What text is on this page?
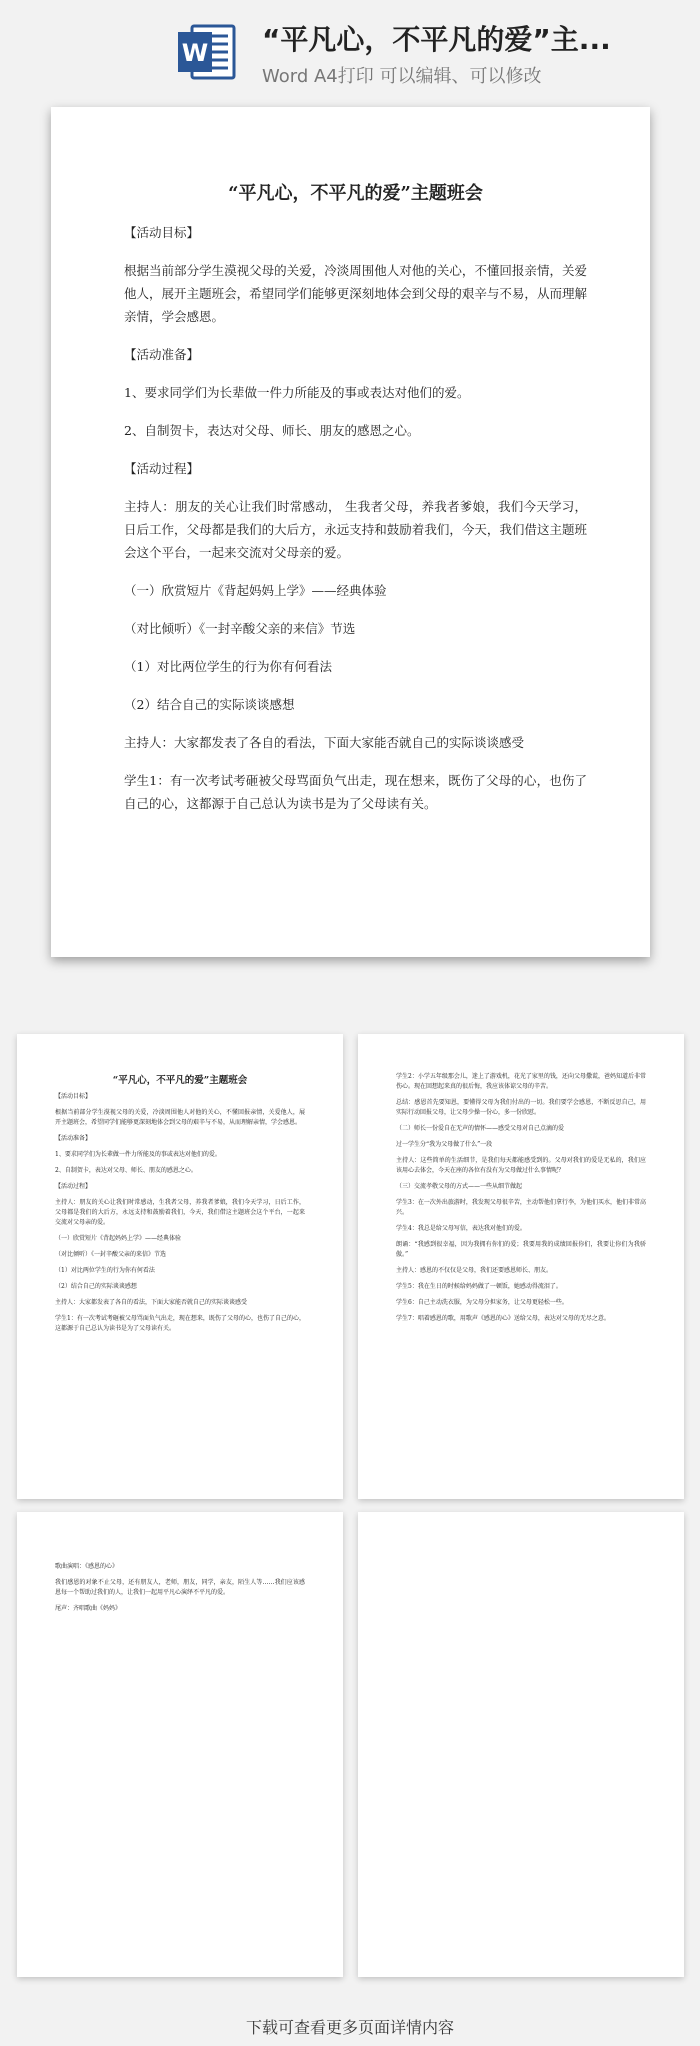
W “平凡心，不平凡的爱”主...
Word A4打印 可以编辑、可以修改
“平凡心，不平凡的爱”主题班会

【活动目标】

根据当前部分学生漠视父母的关爱，冷淡周围他人对他的关心，不懂回报亲情，关爱他人，展开主题班会，希望同学们能够更深刻地体会到父母的艰辛与不易，从而理解亲情，学会感恩。

【活动准备】

1、要求同学们为长辈做一件力所能及的事或表达对他们的爱。

2、自制贺卡，表达对父母、师长、朋友的感恩之心。

【活动过程】

主持人：朋友的关心让我们时常感动， 生我者父母，养我者爹娘，我们今天学习，日后工作，父母都是我们的大后方，永远支持和鼓励着我们，今天，我们借这主题班会这个平台，一起来交流对父母亲的爱。

（一）欣赏短片《背起妈妈上学》——经典体验

（对比倾听）《一封辛酸父亲的来信》节选

（1）对比两位学生的行为你有何看法

（2）结合自己的实际谈谈感想

主持人：大家都发表了各自的看法，下面大家能否就自己的实际谈谈感受

学生1：有一次考试考砸被父母骂面负气出走，现在想来，既伤了父母的心，也伤了自己的心，这都源于自己总认为读书是为了父母读有关。

“平凡心，不平凡的爱”主题班会

【活动目标】

根据当前部分学生漠视父母的关爱，冷淡周围他人对他的关心，不懂回报亲情，关爱他人，展开主题班会，希望同学们能够更深刻地体会到父母的艰辛与不易，从而理解亲情，学会感恩。

【活动准备】

1、要求同学们为长辈做一件力所能及的事或表达对他们的爱。

2、自制贺卡，表达对父母、师长、朋友的感恩之心。

【活动过程】

主持人：朋友的关心让我们时常感动，生我者父母，养我者爹娘，我们今天学习，日后工作，父母都是我们的大后方，永远支持和鼓励着我们，今天，我们借这主题班会这个平台，一起来交流对父母亲的爱。

（一）欣赏短片《背起妈妈上学》——经典体验

（对比倾听）《一封辛酸父亲的来信》节选

（1）对比两位学生的行为你有何看法

（2）结合自己的实际谈谈感想

主持人：大家都发表了各自的看法，下面大家能否就自己的实际谈谈感受

学生1：有一次考试考砸被父母骂面负气出走，现在想来，既伤了父母的心，也伤了自己的心，这都源于自己总认为读书是为了父母读有关。

学生2：小学五年级那会儿，迷上了游戏机，花光了家里的钱，还向父母撒谎，爸妈知道后非常伤心。现在回想起来真的很后悔，我应该体谅父母的辛苦。

总结：感恩首先要知恩，要懂得父母为我们付出的一切。我们要学会感恩，不断反思自己，用实际行动回报父母，让父母少操一份心，多一份欣慰。

（二）师长一份爱自在无声的情怀——感受父母对自己点滴的爱

过一学生分“我为父母做了什么”一段

主持人：这些简单的生活细节，是我们每天都能感受到的。父母对我们的爱是无私的，我们应该用心去体会，今天在座的各位有没有为父母做过什么事情呢？

（三）交流孝敬父母的方式——一些从细节做起

学生3：在一次外出旅游时，我发现父母很辛苦，主动帮他们拿行李，为他们买水，他们非常高兴。

学生4：我总是给父母写信，表达我对他们的爱。

朗诵：“我感到很幸福，因为我拥有你们的爱；我要用我的成绩回报你们，我要让你们为我骄傲。”

主持人：感恩的不仅仅是父母，我们还要感恩师长、朋友。

学生5：我在生日的时候给妈妈做了一顿饭，她感动得流泪了。

学生6：自己主动洗衣服，为父母分担家务，让父母更轻松一些。

学生7：唱着感恩的歌，用歌声《感恩的心》送给父母，表达对父母的无尽之意。

歌曲演唱：《感恩的心》

我们感恩的对象不止父母，还有朋友人，老师，朋友，同学，亲友，陌生人等……我们应该感恩每一个帮助过我们的人，让我们一起用平凡心演绎不平凡的爱。

尾声：齐唱歌曲《妈妈》

下载可查看更多页面详情内容
